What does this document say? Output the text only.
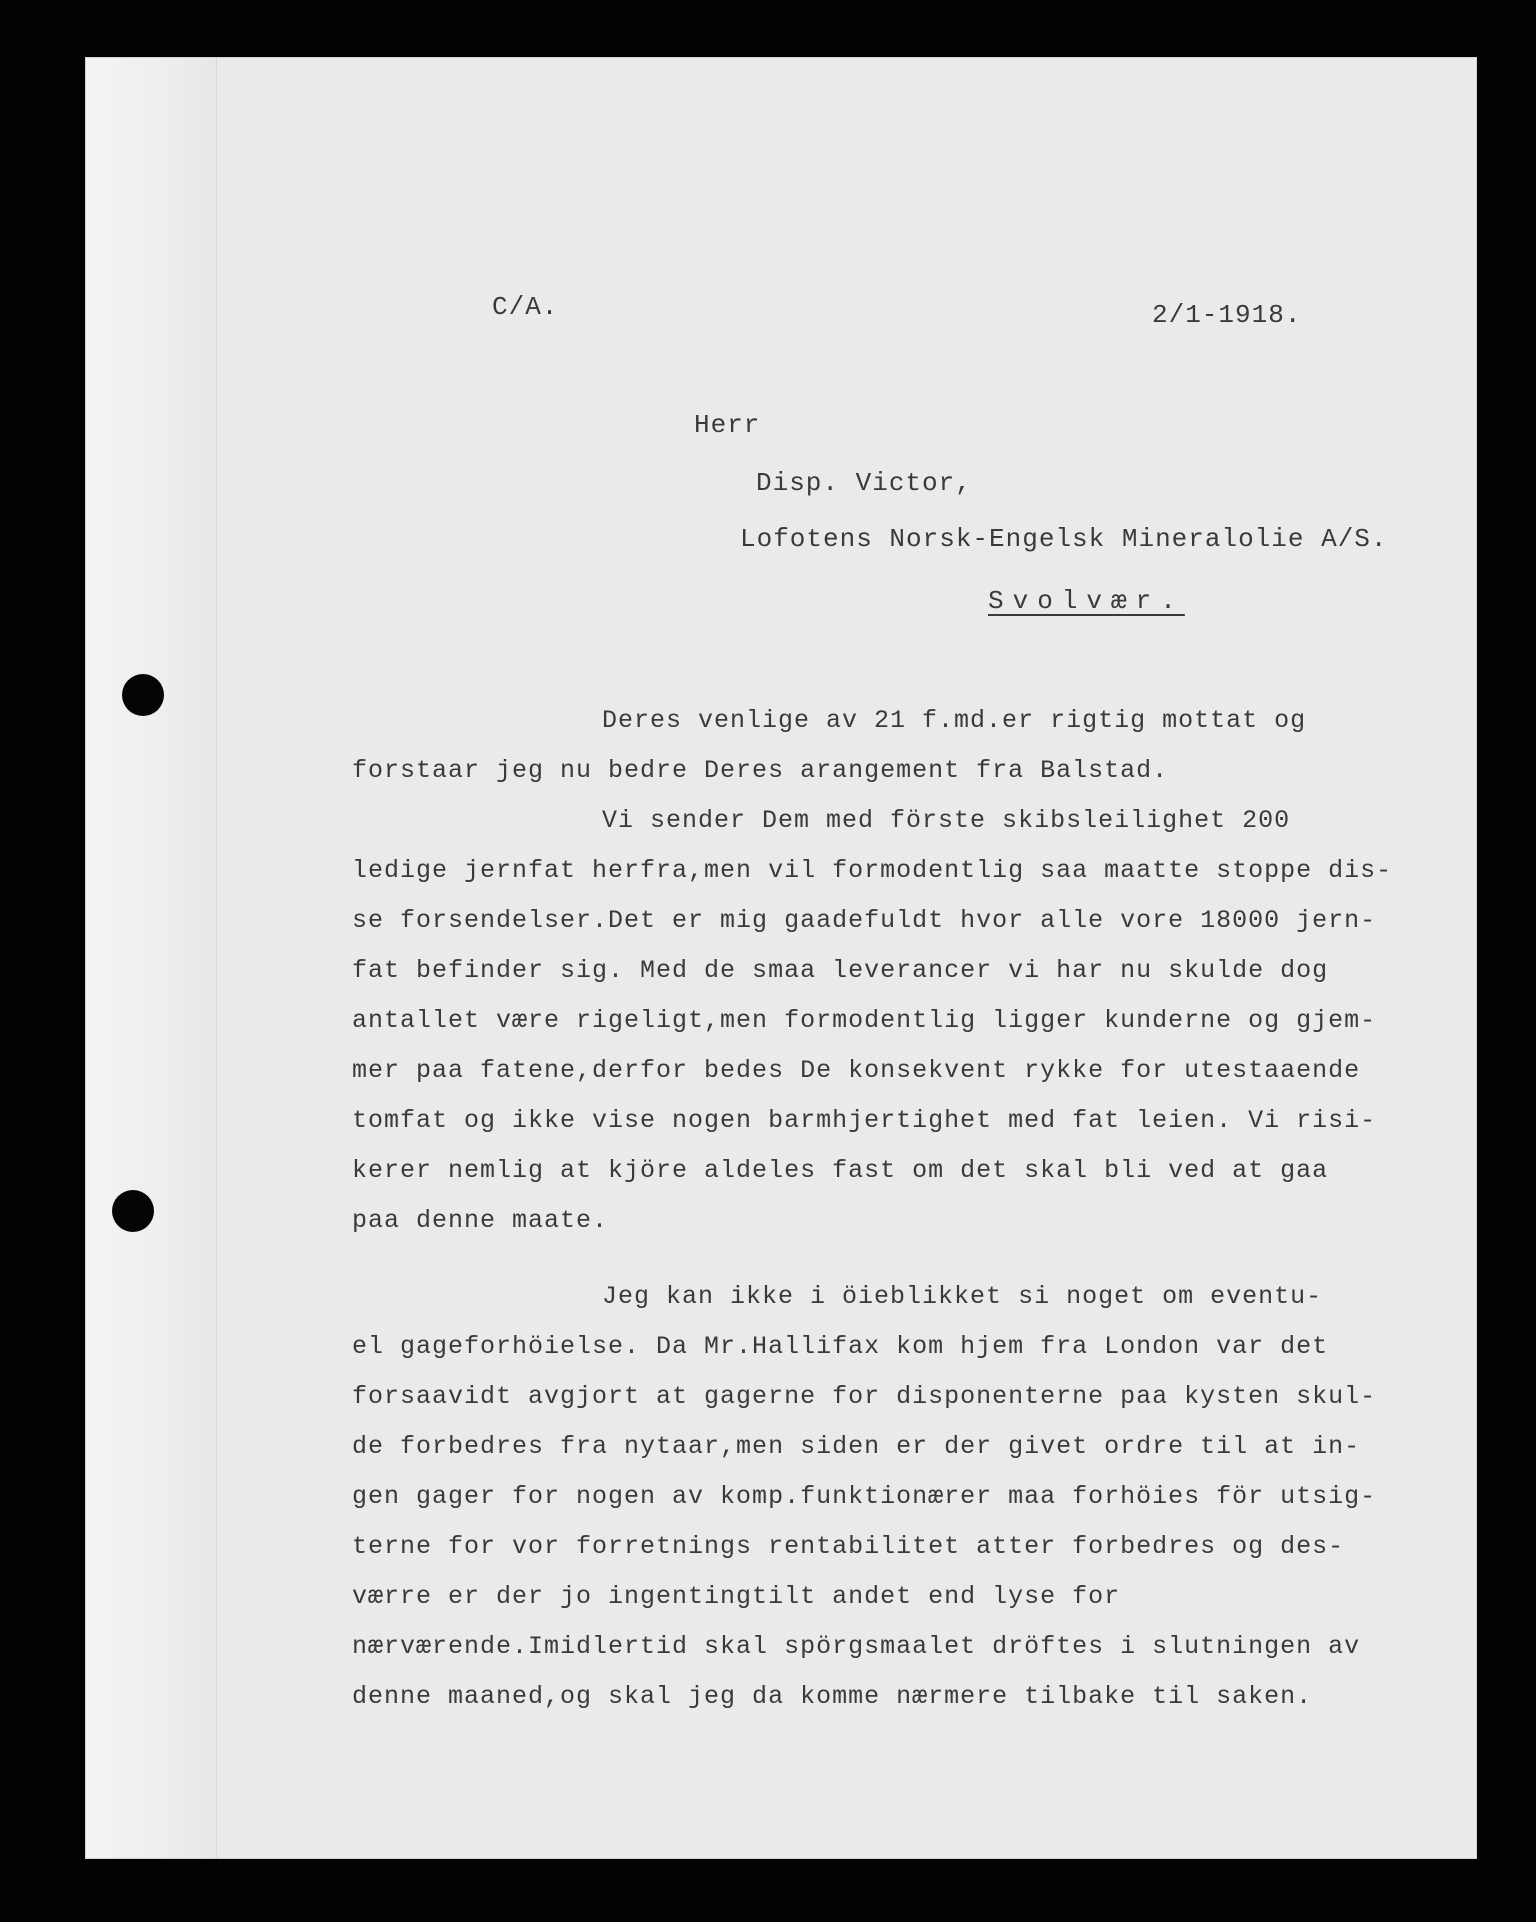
C/A.	2/1-1918.
Herr
Disp. Victor,
Lofotens Norsk-Engelsk Mineralolie A/S.
Svolvær.
Deres venlige av 21 f.md.er rigtig mottat og
forstaar jeg nu bedre Deres arangement fra Balstad.
Vi sender Dem med förste skibsleilighet 200
ledige jernfat herfra,men vil formodentlig saa maatte stoppe dis-
se forsendelser.Det er mig gaadefuldt hvor alle vore 18000 jern-
fat befinder sig. Med de smaa leverancer vi har nu skulde dog
antallet være rigeligt,men formodentlig ligger kunderne og gjem-
mer paa fatene,derfor bedes De konsekvent rykke for utestaaende
tomfat og ikke vise nogen barmhjertighet med fat leien. Vi risi-
kerer nemlig at kjöre aldeles fast om det skal bli ved at gaa
paa denne maate.
Jeg kan ikke i öieblikket si noget om eventu-
el gageforhöielse. Da Mr.Hallifax kom hjem fra London var det
forsaavidt avgjort at gagerne for disponenterne paa kysten skul-
de forbedres fra nytaar,men siden er der givet ordre til at in-
gen gager for nogen av komp.funktionærer maa forhöies för utsig-
terne for vor forretnings rentabilitet atter forbedres og des-
værre er der jo ingentingtilt andet end lyse for
nærværende.Imidlertid skal spörgsmaalet dröftes i slutningen av
denne maaned,og skal jeg da komme nærmere tilbake til saken.
